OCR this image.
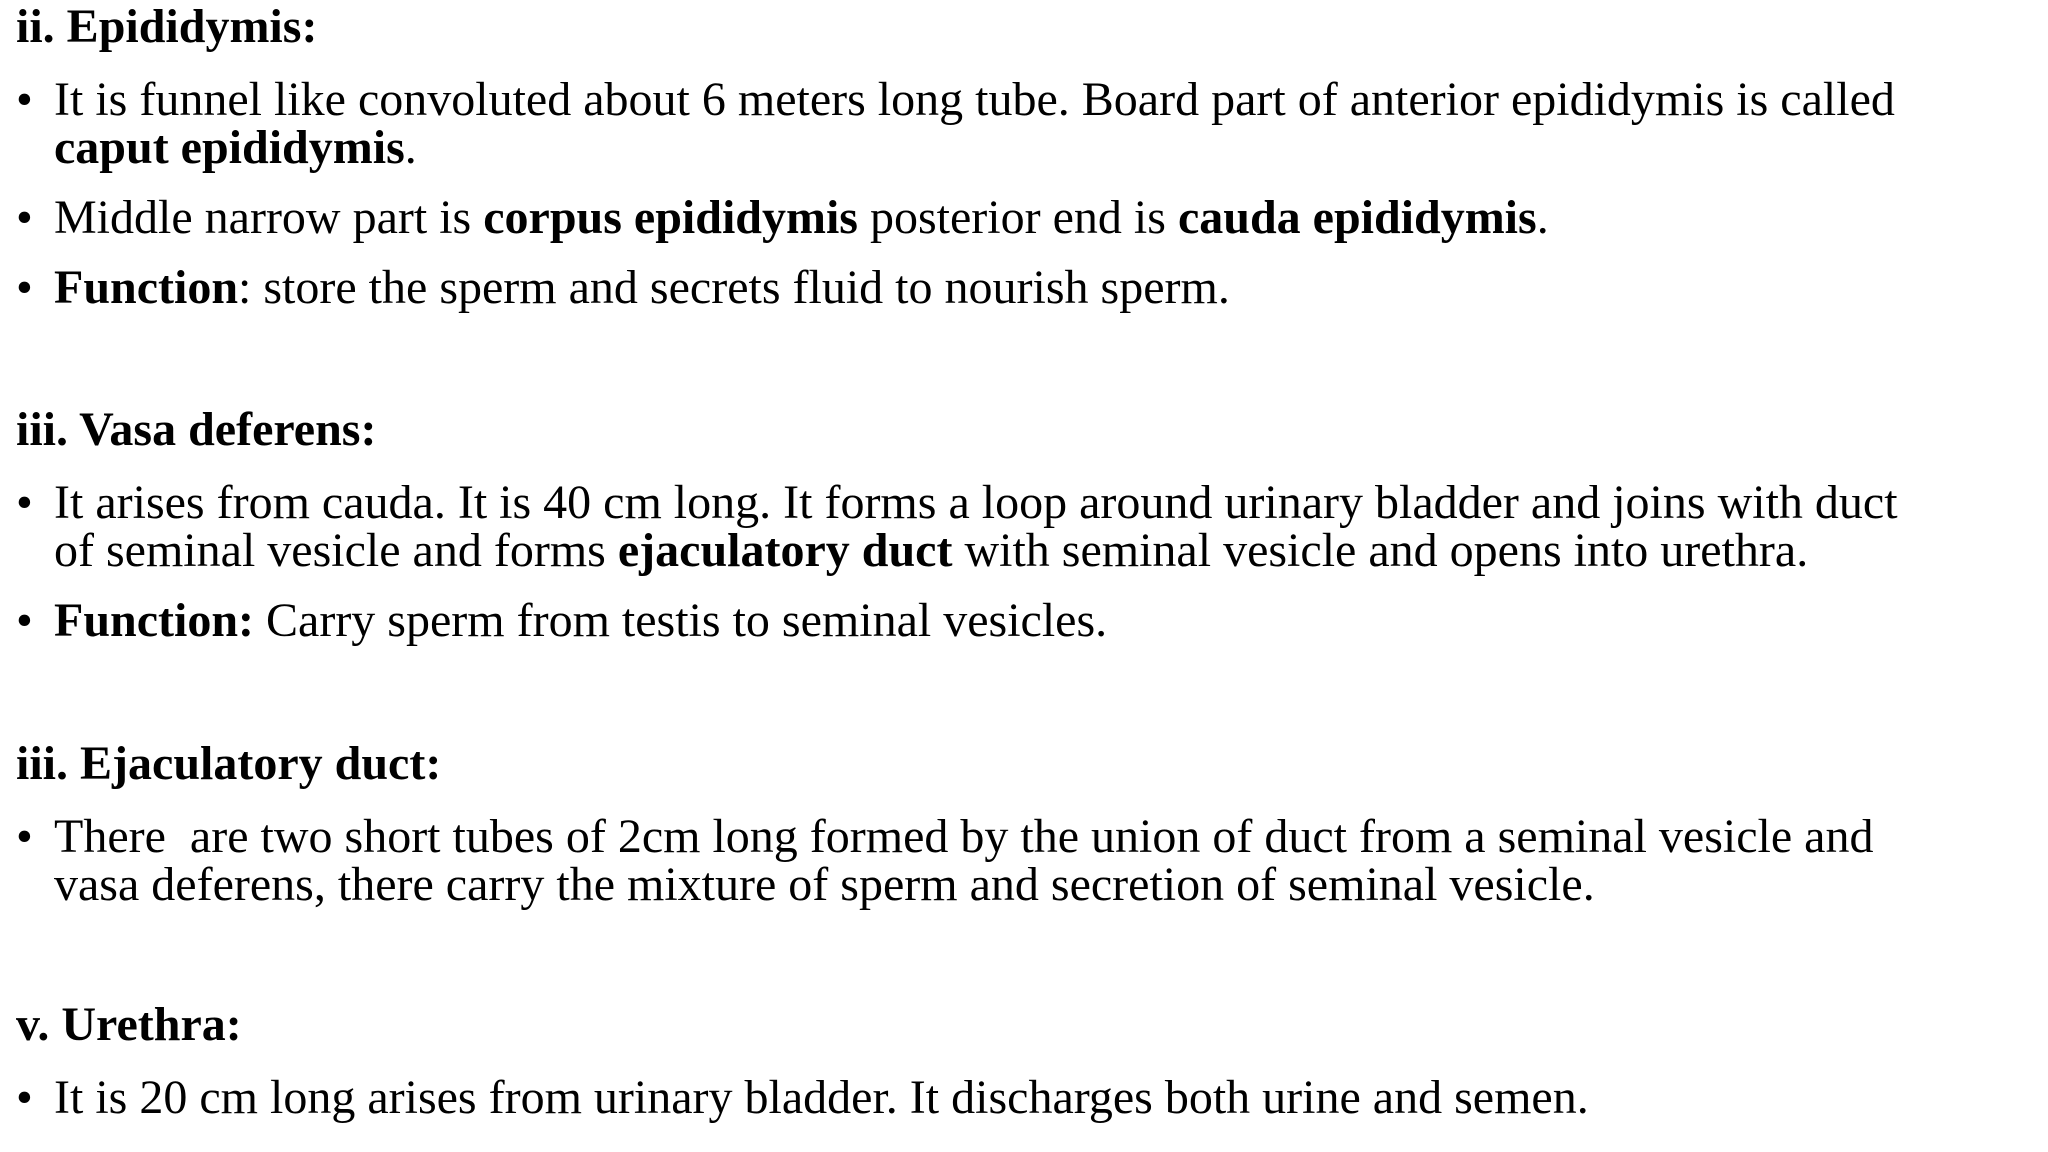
ii. Epididymis:
• It is funnel like convoluted about 6 meters long tube. Board part of anterior epididymis is called
caput epididymis.
• Middle narrow part is corpus epididymis posterior end is cauda epididymis.
• Function: store the sperm and secrets fluid to nourish sperm.
iii. Vasa deferens:
• It arises from cauda. It is 40 cm long. It forms a loop around urinary bladder and joins with duct
of seminal vesicle and forms ejaculatory duct with seminal vesicle and opens into urethra.
• Function: Carry sperm from testis to seminal vesicles.
iii. Ejaculatory duct:
• There  are two short tubes of 2cm long formed by the union of duct from a seminal vesicle and
vasa deferens, there carry the mixture of sperm and secretion of seminal vesicle.
v. Urethra:
• It is 20 cm long arises from urinary bladder. It discharges both urine and semen.
